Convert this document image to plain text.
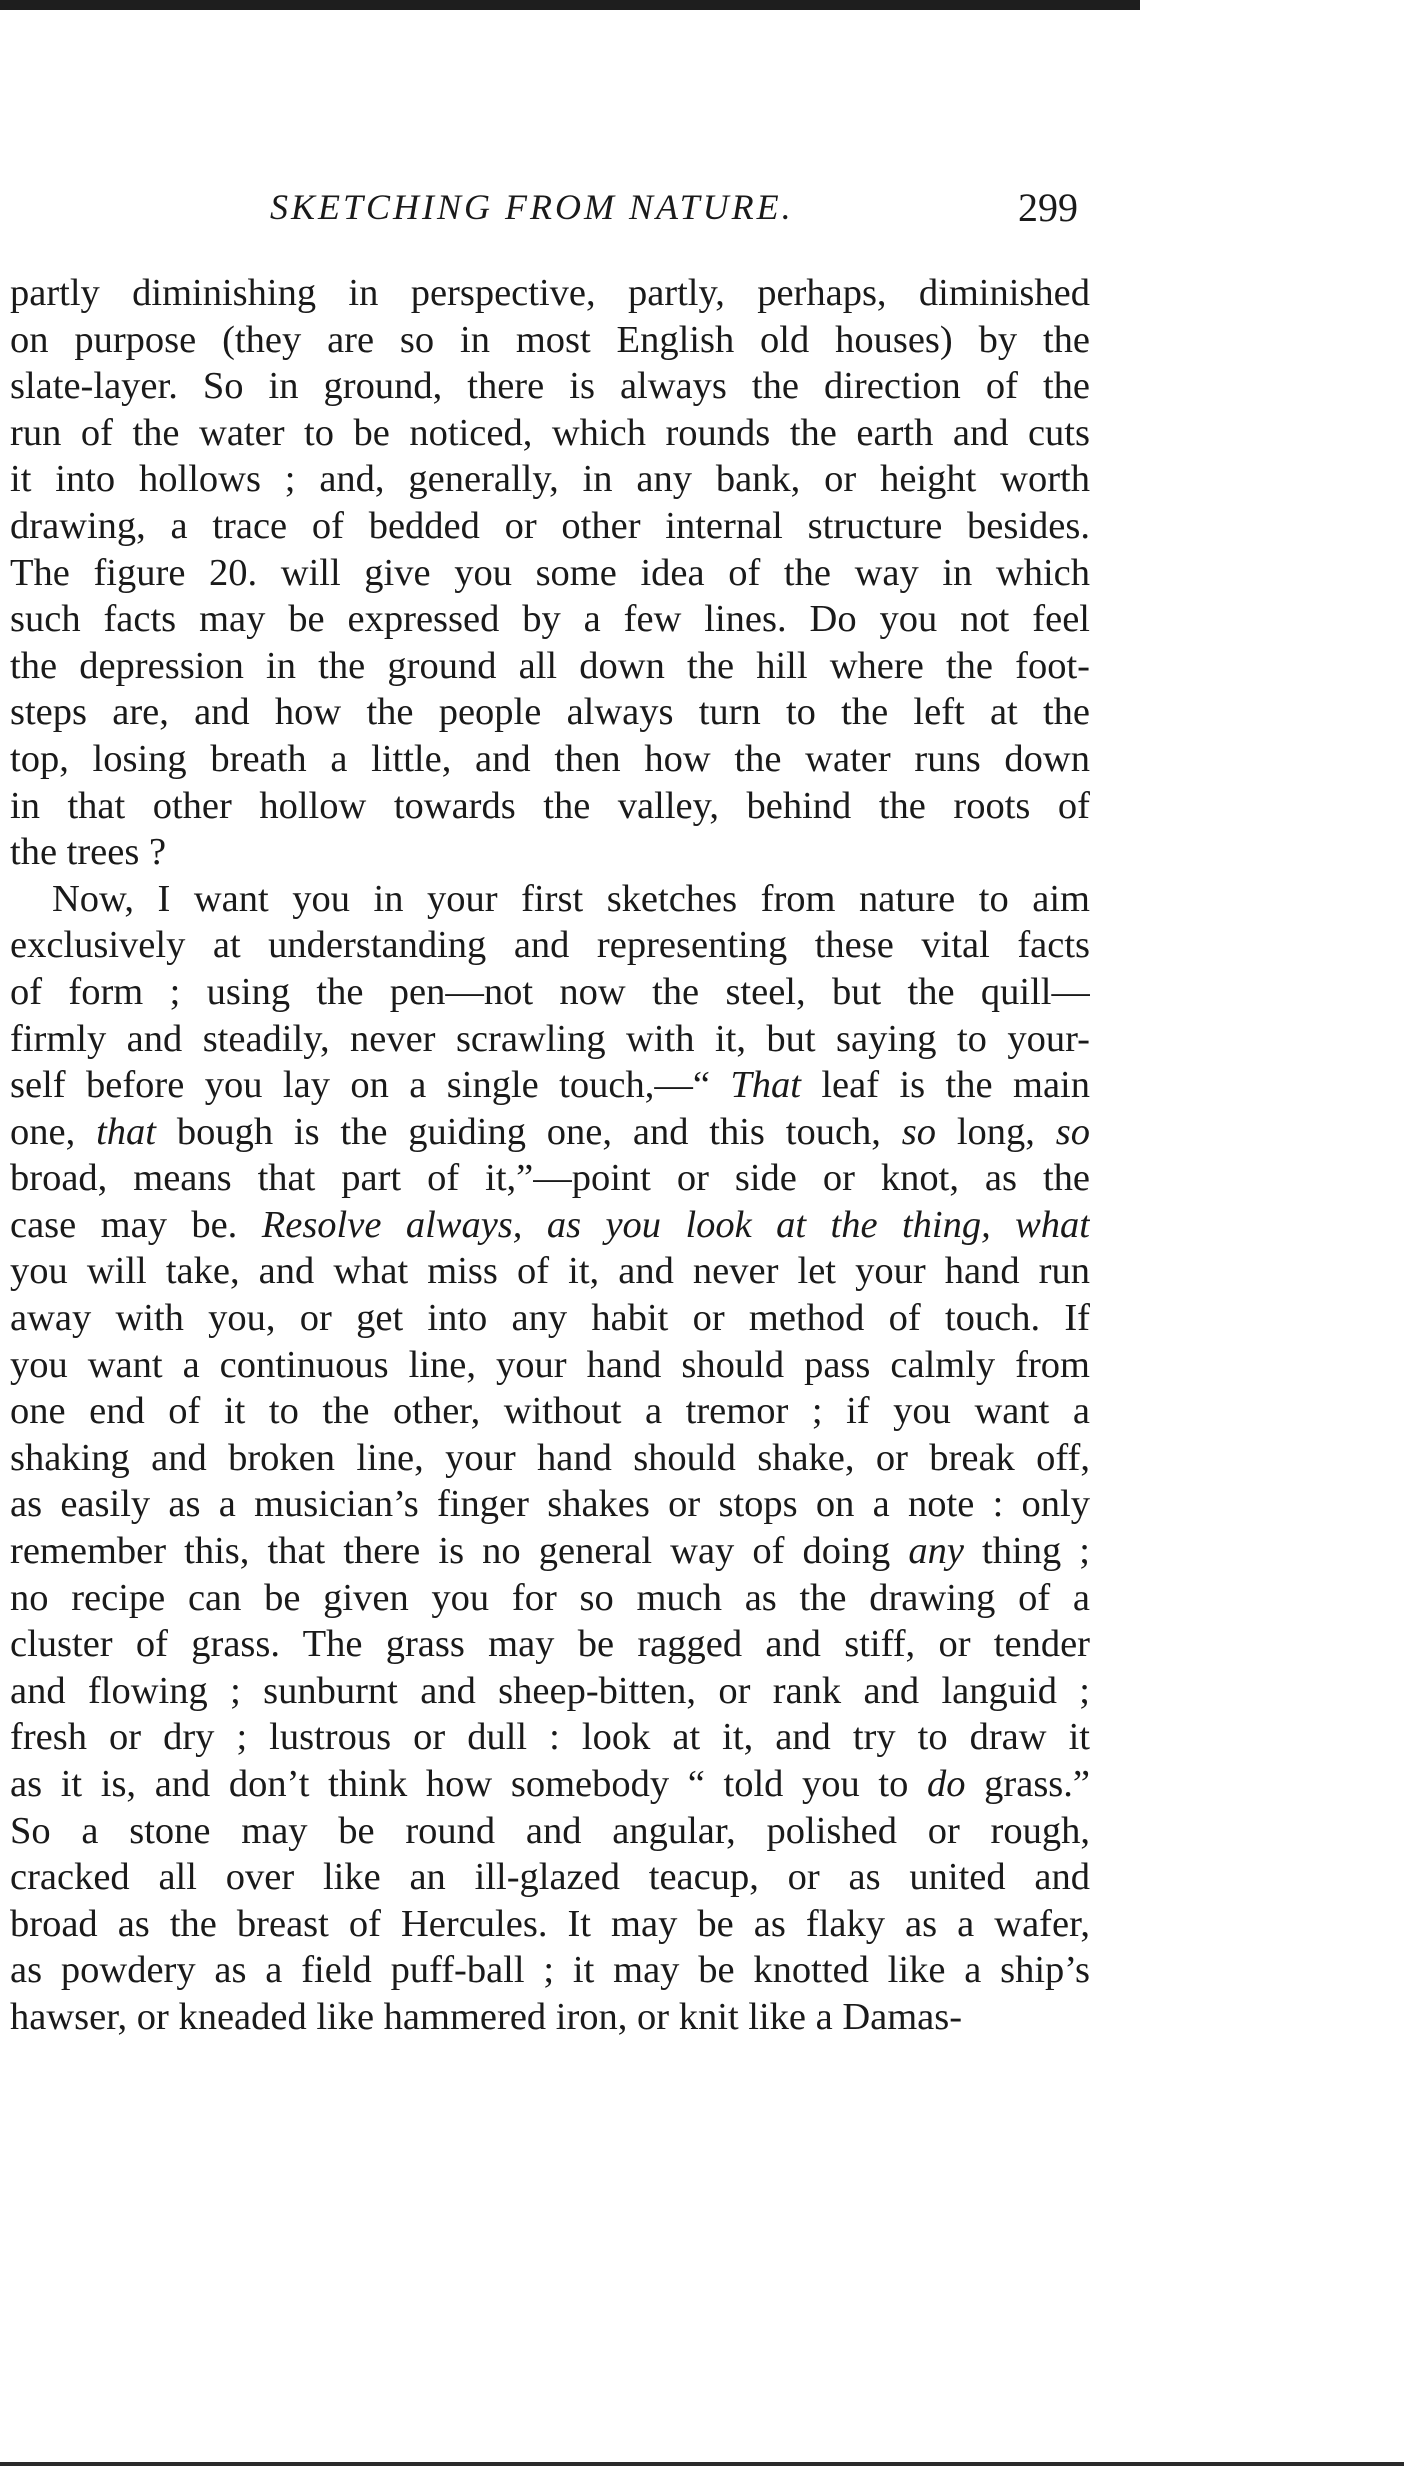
SKETCHING FROM NATURE.	299
partly diminishing in perspective, partly, perhaps, diminished
on purpose (they are so in most English old houses) by the
slate-layer. So in ground, there is always the direction of the
run of the water to be noticed, which rounds the earth and cuts
it into hollows ; and, generally, in any bank, or height worth
drawing, a trace of bedded or other internal structure besides.
The figure 20. will give you some idea of the way in which
such facts may be expressed by a few lines. Do you not feel
the depression in the ground all down the hill where the foot-
steps are, and how the people always turn to the left at the
top, losing breath a little, and then how the water runs down
in that other hollow towards the valley, behind the roots of
the trees ?
Now, I want you in your first sketches from nature to aim
exclusively at understanding and representing these vital facts
of form ; using the pen—not now the steel, but the quill—
firmly and steadily, never scrawling with it, but saying to your-
self before you lay on a single touch,—“ That leaf is the main
one, that bough is the guiding one, and this touch, so long, so
broad, means that part of it,”—point or side or knot, as the
case may be. Resolve always, as you look at the thing, what
you will take, and what miss of it, and never let your hand run
away with you, or get into any habit or method of touch. If
you want a continuous line, your hand should pass calmly from
one end of it to the other, without a tremor ; if you want a
shaking and broken line, your hand should shake, or break off,
as easily as a musician’s finger shakes or stops on a note : only
remember this, that there is no general way of doing any thing ;
no recipe can be given you for so much as the drawing of a
cluster of grass. The grass may be ragged and stiff, or tender
and flowing ; sunburnt and sheep-bitten, or rank and languid ;
fresh or dry ; lustrous or dull : look at it, and try to draw it
as it is, and don’t think how somebody “ told you to do grass.”
So a stone may be round and angular, polished or rough,
cracked all over like an ill-glazed teacup, or as united and
broad as the breast of Hercules. It may be as flaky as a wafer,
as powdery as a field puff-ball ; it may be knotted like a ship’s
hawser, or kneaded like hammered iron, or knit like a Damas-
